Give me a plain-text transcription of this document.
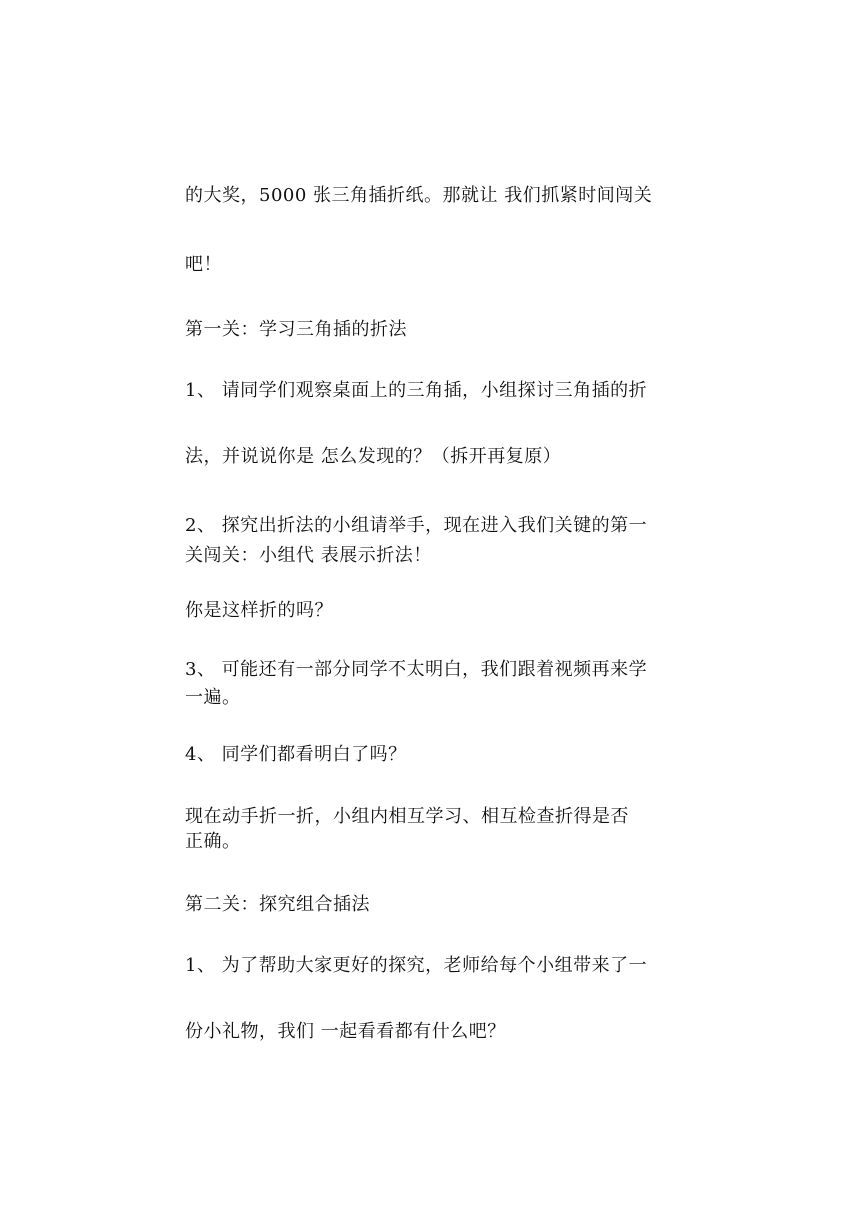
的大奖，5000 张三角插折纸。那就让 我们抓紧时间闯关
吧！
第一关：学习三角插的折法
1、 请同学们观察桌面上的三角插，小组探讨三角插的折
法，并说说你是 怎么发现的？（拆开再复原）
2、 探究出折法的小组请举手，现在进入我们关键的第一
关闯关：小组代 表展示折法！
你是这样折的吗？
3、 可能还有一部分同学不太明白，我们跟着视频再来学
一遍。
4、 同学们都看明白了吗？
现在动手折一折，小组内相互学习、相互检查折得是否
正确。
第二关：探究组合插法
1、 为了帮助大家更好的探究，老师给每个小组带来了一
份小礼物，我们 一起看看都有什么吧？
